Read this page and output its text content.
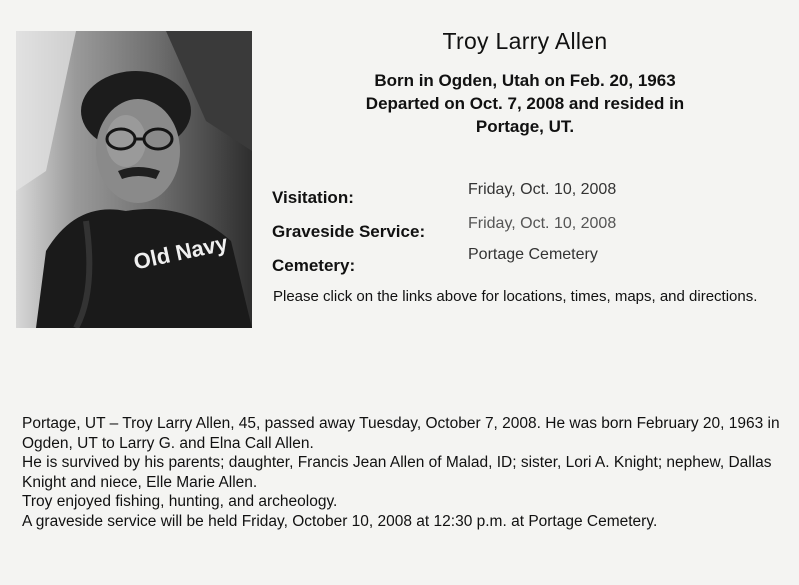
Old Navy
Troy Larry Allen

Born in Ogden, Utah on Feb. 20, 1963
Departed on Oct. 7, 2008 and resided in
Portage, UT.

Visitation:	Friday, Oct. 10, 2008
Graveside Service:	Friday, Oct. 10, 2008
Cemetery:
Portage Cemetery
Please click on the links above for locations, times, maps, and directions.

Portage, UT – Troy Larry Allen, 45, passed away Tuesday, October 7, 2008. He was born February 20, 1963 in Ogden, UT to Larry G. and Elna Call Allen.

He is survived by his parents; daughter, Francis Jean Allen of Malad, ID; sister, Lori A. Knight; nephew, Dallas Knight and niece, Elle Marie Allen.

Troy enjoyed fishing, hunting, and archeology.

A graveside service will be held Friday, October 10, 2008 at 12:30 p.m. at Portage Cemetery.
